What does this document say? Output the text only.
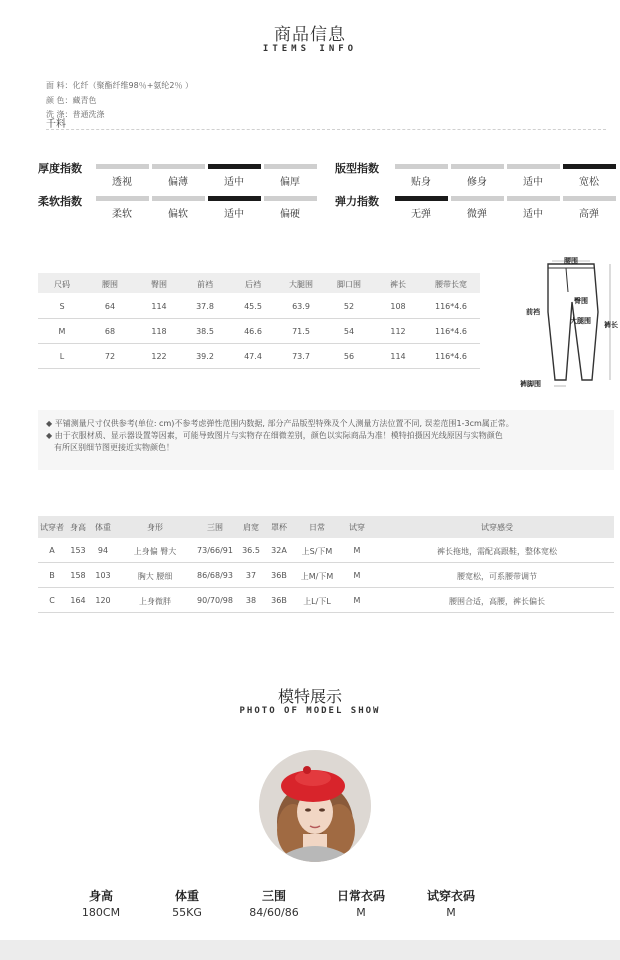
商品信息
ITEMS INFO
面 料：化纤（聚酯纤维98％+氨纶2％ ）
颜 色：藏青色
洗 涤：普通洗涤
千料
厚度指数
透视	偏薄	适中	偏厚
版型指数
贴身	修身	适中	宽松
柔软指数
柔软	偏软	适中	偏硬
弹力指数
无弹	微弹	适中	高弹
尺码	腰围	臀围	前裆	后裆	大腿围	脚口围	裤长	腰带长宽
S	64	114	37.8	45.5	63.9	52	108	116*4.6
M	68	118	38.5	46.6	71.5	54	112	116*4.6
L	72	122	39.2	47.4	73.7	56	114	116*4.6
腰围
前裆
臀围
大腿围 裤长
裤脚围
◆ 平铺测量尺寸仅供参考(单位: cm)不参考虑弹性范围内数据, 部分产品版型特殊及个人测量方法位置不同, 误差范围1-3cm属正常。
◆ 由于衣服材质、显示器设置等因素，可能导致图片与实物存在细微差别，颜色以实际商品为准！模特拍摄因光线原因与实物颜色
有所区别细节图更接近实物颜色！
试穿者 身高	体重	身形	三围	肩宽	罩杯	日常	试穿	试穿感受
A	153	94	上身偏 臀大	73/66/91	36.5	32A	上S/下M	M	裤长拖地，需配高跟鞋，整体宽松
B	158	103	胸大 腰细	86/68/93	37	36B	上M/下M	M	腰宽松，可系腰带调节
C	164	120	上身微胖	90/70/98	38	36B	上L/下L	M	腰围合适，高腰，裤长偏长
模特展示
PHOTO OF MODEL SHOW
身高
180CM
体重
55KG
三围
84/60/86
日常衣码
M
试穿衣码
M
